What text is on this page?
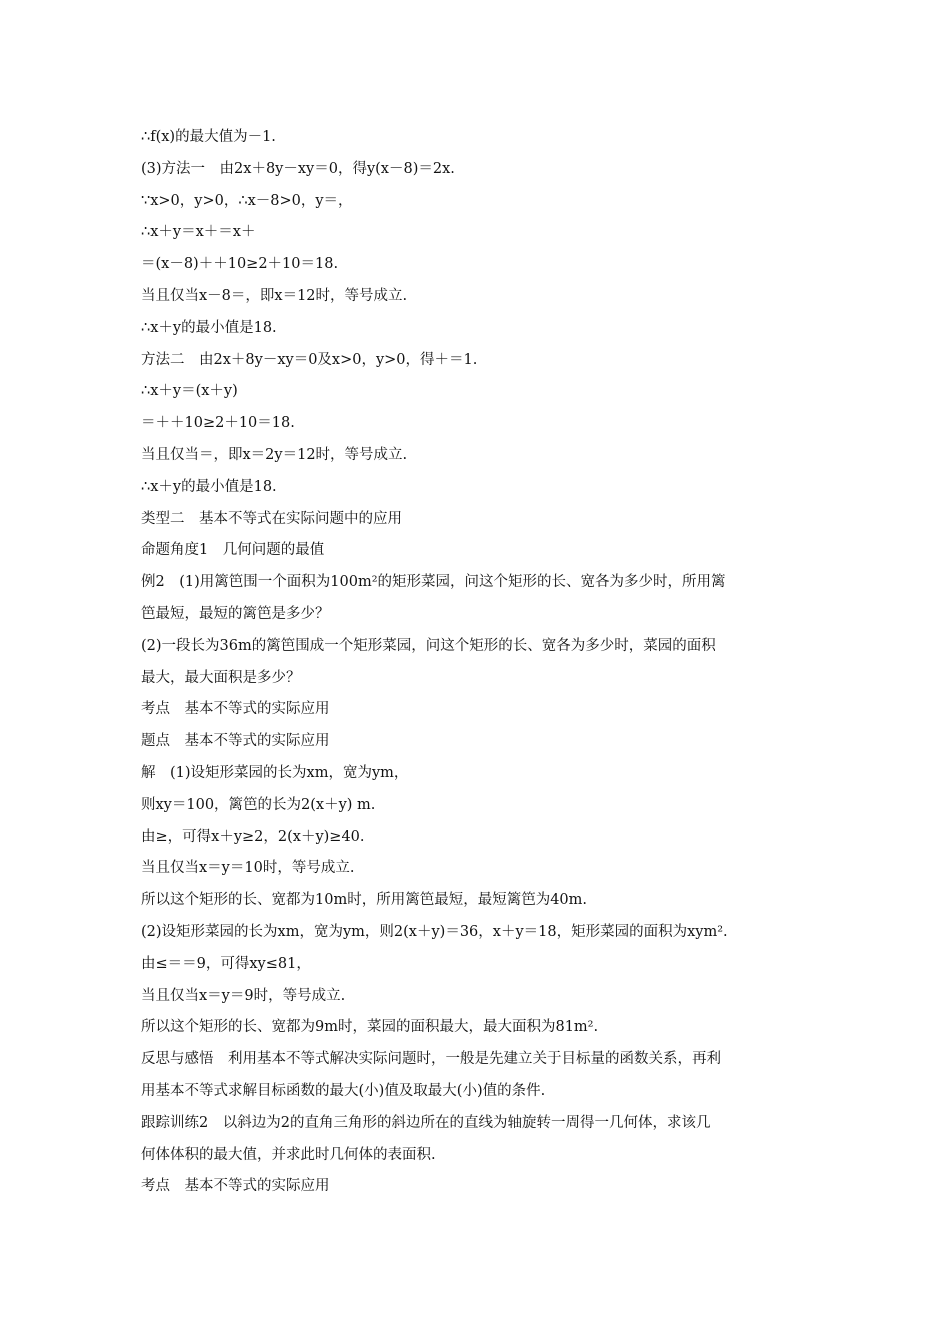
∴f(x)的最大值为－1.
(3)方法一　由2x＋8y－xy＝0，得y(x－8)＝2x.
∵x>0，y>0，∴x－8>0，y＝，
∴x＋y＝x＋＝x＋
＝(x－8)＋＋10≥2＋10＝18.
当且仅当x－8＝，即x＝12时，等号成立.
∴x＋y的最小值是18.
方法二　由2x＋8y－xy＝0及x>0，y>0，得＋＝1.
∴x＋y＝(x＋y)
＝＋＋10≥2＋10＝18.
当且仅当＝，即x＝2y＝12时，等号成立.
∴x＋y的最小值是18.
类型二　基本不等式在实际问题中的应用
命题角度1　几何问题的最值
例2　(1)用篱笆围一个面积为100m²的矩形菜园，问这个矩形的长、宽各为多少时，所用篱
笆最短，最短的篱笆是多少？
(2)一段长为36m的篱笆围成一个矩形菜园，问这个矩形的长、宽各为多少时，菜园的面积
最大，最大面积是多少？
考点　基本不等式的实际应用
题点　基本不等式的实际应用
解　(1)设矩形菜园的长为xm，宽为ym，
则xy＝100，篱笆的长为2(x＋y) m.
由≥，可得x＋y≥2，2(x＋y)≥40.
当且仅当x＝y＝10时，等号成立.
所以这个矩形的长、宽都为10m时，所用篱笆最短，最短篱笆为40m.
(2)设矩形菜园的长为xm，宽为ym，则2(x＋y)＝36，x＋y＝18，矩形菜园的面积为xym².
由≤＝＝9，可得xy≤81，
当且仅当x＝y＝9时，等号成立.
所以这个矩形的长、宽都为9m时，菜园的面积最大，最大面积为81m².
反思与感悟　利用基本不等式解决实际问题时，一般是先建立关于目标量的函数关系，再利
用基本不等式求解目标函数的最大(小)值及取最大(小)值的条件.
跟踪训练2　以斜边为2的直角三角形的斜边所在的直线为轴旋转一周得一几何体，求该几
何体体积的最大值，并求此时几何体的表面积.
考点　基本不等式的实际应用
